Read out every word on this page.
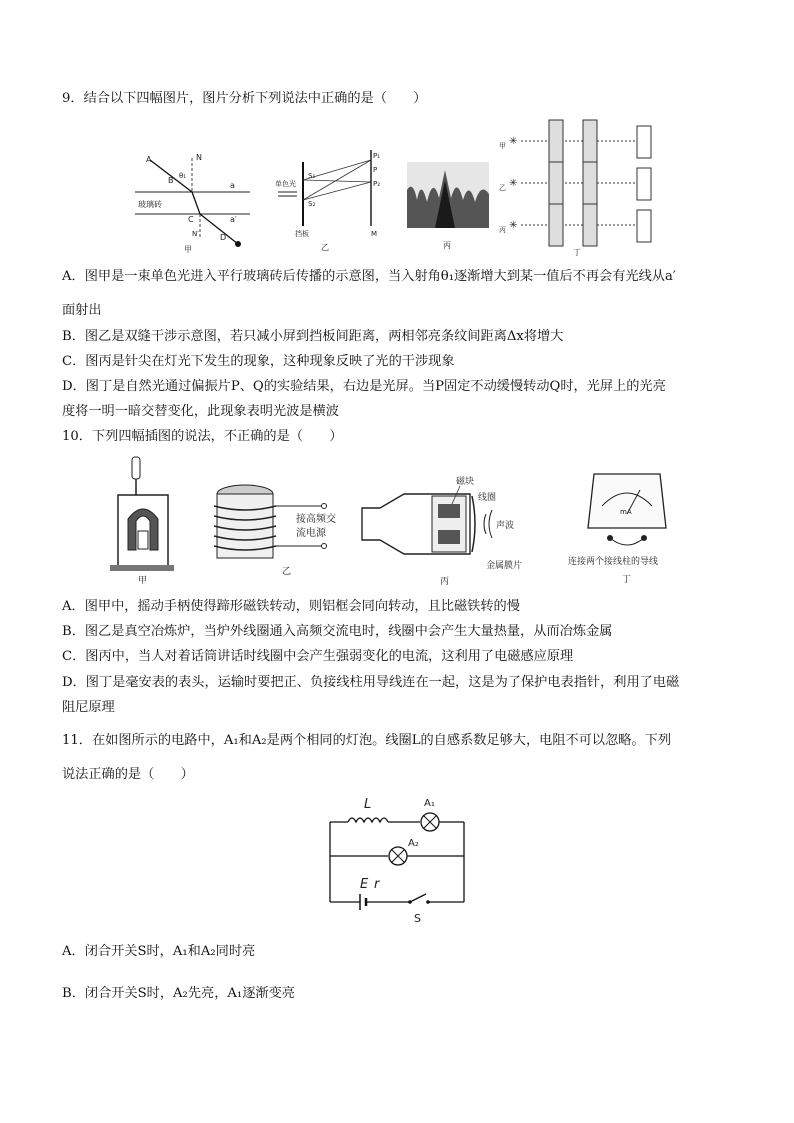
9．结合以下四幅图片，图片分析下列说法中正确的是（　　）
A	N
B
a
θ₁
玻璃砖
a′
C
N′	D
甲
单色光
S₁
S₂
P₁
P
P₂
挡板	M
乙	丙
甲 ✳
乙 ✳
丙 ✳
丁
A．图甲是一束单色光进入平行玻璃砖后传播的示意图，当入射角θ₁逐渐增大到某一值后不再会有光线从a′
面射出
B．图乙是双缝干涉示意图，若只减小屏到挡板间距离，两相邻亮条纹间距离Δx将增大
C．图丙是针尖在灯光下发生的现象，这种现象反映了光的干涉现象
D．图丁是自然光通过偏振片P、Q的实验结果，右边是光屏。当P固定不动缓慢转动Q时，光屏上的光亮
度将一明一暗交替变化，此现象表明光波是横波
10．下列四幅插图的说法，不正确的是（　　）
甲
接高频交
流电源
乙
磁块
线圈
声波
金属膜片
丙
mA
连接两个接线柱的导线
丁
A．图甲中，摇动手柄使得蹄形磁铁转动，则铝框会同向转动，且比磁铁转的慢
B．图乙是真空冶炼炉，当炉外线圈通入高频交流电时，线圈中会产生大量热量，从而冶炼金属
C．图丙中，当人对着话筒讲话时线圈中会产生强弱变化的电流，这利用了电磁感应原理
D．图丁是毫安表的表头，运输时要把正、负接线柱用导线连在一起，这是为了保护电表指针，利用了电磁
阻尼原理
11．在如图所示的电路中，A₁和A₂是两个相同的灯泡。线圈L的自感系数足够大，电阻不可以忽略。下列
说法正确的是（　　）
L	A₁
A₂
E r
S
A．闭合开关S时，A₁和A₂同时亮
B．闭合开关S时，A₂先亮，A₁逐渐变亮
